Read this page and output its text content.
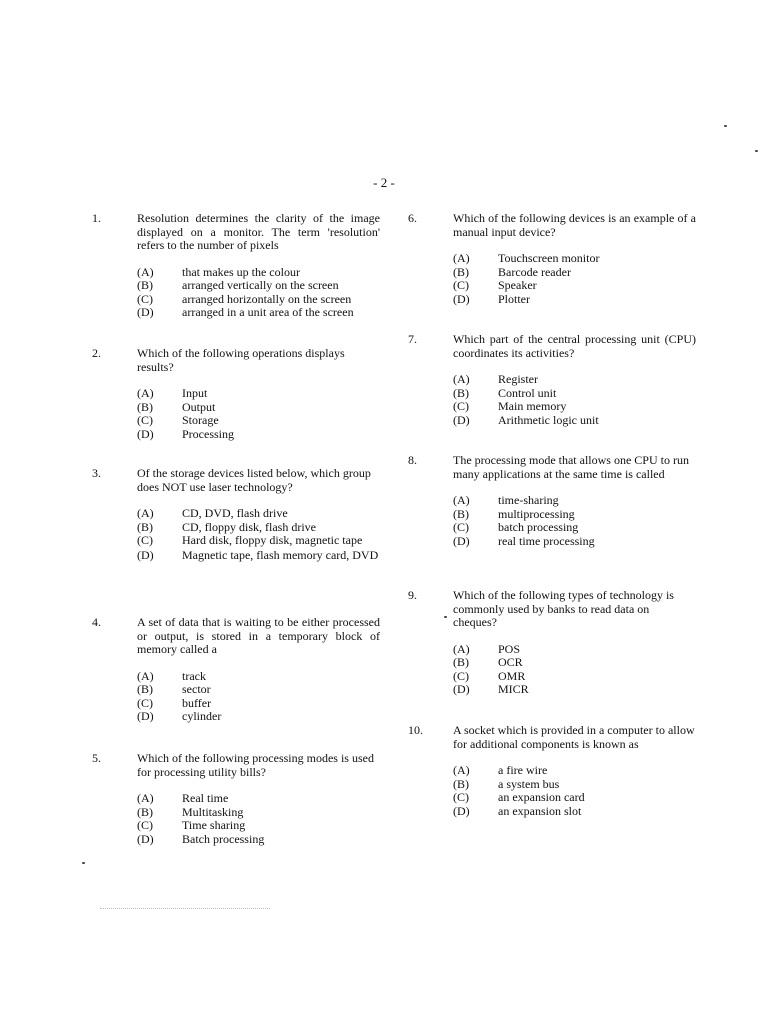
- 2 -
1.	Resolution determines the clarity of the image displayed on a monitor. The term 'resolution' refers to the number of pixels

(A)	that makes up the colour
(B)	arranged vertically on the screen
(C)	arranged horizontally on the screen
(D)	arranged in a unit area of the screen
2.	Which of the following operations displays results?

(A)	Input
(B)	Output
(C)	Storage
(D)	Processing
3.	Of the storage devices listed below, which group does NOT use laser technology?

(A)	CD, DVD, flash drive
(B)	CD, floppy disk, flash drive
(C)	Hard disk, floppy disk, magnetic tape
(D)	Magnetic tape, flash memory card, DVD
4.	A set of data that is waiting to be either processed or output, is stored in a temporary block of memory called a

(A)	track
(B)	sector
(C)	buffer
(D)	cylinder
5.	Which of the following processing modes is used for processing utility bills?

(A)	Real time
(B)	Multitasking
(C)	Time sharing
(D)	Batch processing
6.	Which of the following devices is an example of a manual input device?

(A)	Touchscreen monitor
(B)	Barcode reader
(C)	Speaker
(D)	Plotter
7.	Which part of the central processing unit (CPU) coordinates its activities?

(A)	Register
(B)	Control unit
(C)	Main memory
(D)	Arithmetic logic unit
8.	The processing mode that allows one CPU to run many applications at the same time is called

(A)	time-sharing
(B)	multiprocessing
(C)	batch processing
(D)	real time processing
9.	Which of the following types of technology is commonly used by banks to read data on cheques?

(A)	POS
(B)	OCR
(C)	OMR
(D)	MICR
10.	A socket which is provided in a computer to allow for additional components is known as

(A)	a fire wire
(B)	a system bus
(C)	an expansion card
(D)	an expansion slot
